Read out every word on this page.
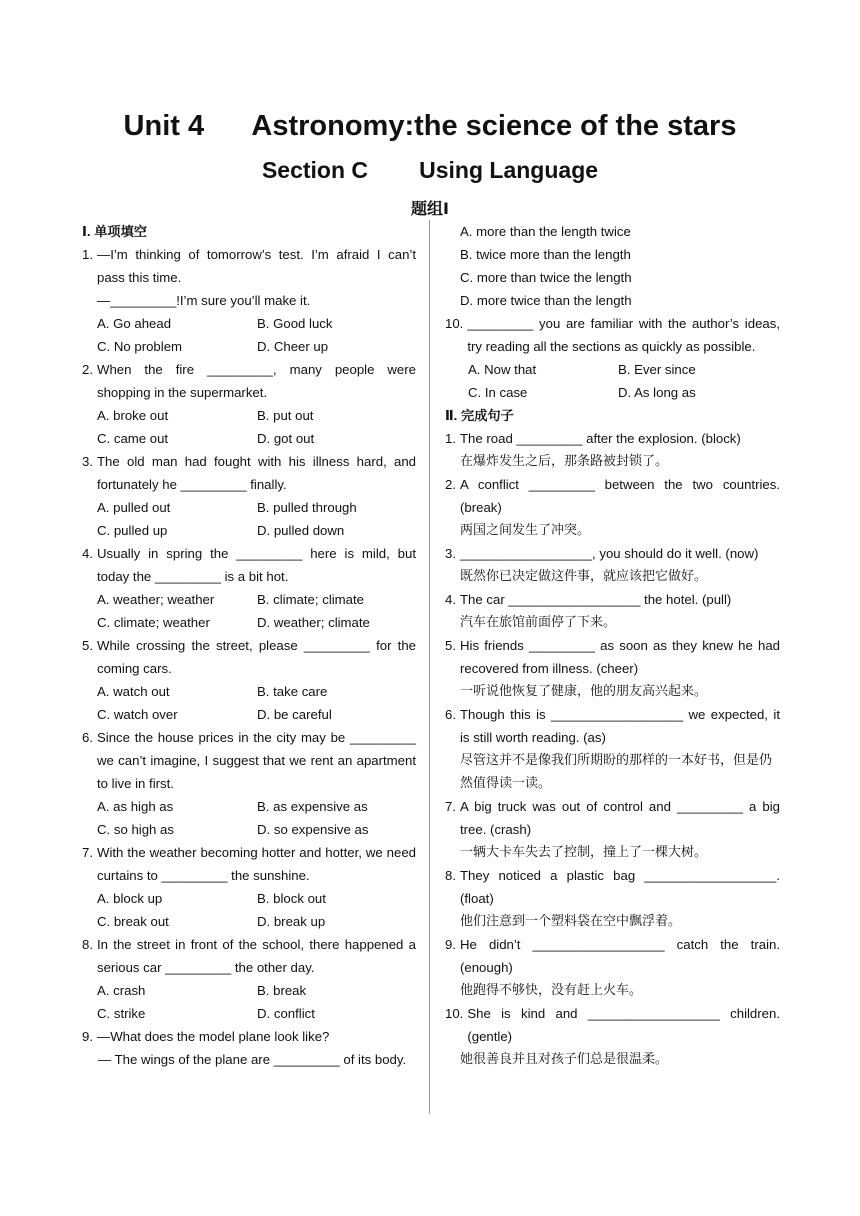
Unit 4      Astronomy:the science of the stars
Section C        Using Language
题组Ⅰ
Ⅰ. 单项填空
1. —I’m thinking of tomorrow’s test. I’m afraid I can’t pass this time.
—_________!I’m sure you’ll make it.
A. Go ahead	B. Good luck
C. No problem	D. Cheer up
2. When the fire _________, many people were shopping in the supermarket.
A. broke out	B. put out
C. came out	D. got out
3. The old man had fought with his illness hard, and fortunately he _________ finally.
A. pulled out	B. pulled through
C. pulled up	D. pulled down
4. Usually in spring the _________ here is mild, but today the _________ is a bit hot.
A. weather; weather	B. climate; climate
C. climate; weather	D. weather; climate
5. While crossing the street, please _________ for the coming cars.
A. watch out	B. take care
C. watch over	D. be careful
6. Since the house prices in the city may be _________ we can’t imagine, I suggest that we rent an apartment to live in first.
A. as high as	B. as expensive as
C. so high as	D. so expensive as
7. With the weather becoming hotter and hotter, we need curtains to _________ the sunshine.
A. block up	B. block out
C. break out	D. break up
8. In the street in front of the school, there happened a serious car _________ the other day.
A. crash	B. break
C. strike	D. conflict
9. —What does the model plane look like?
— The wings of the plane are _________ of its body.
A. more than the length twice
B. twice more than the length
C. more than twice the length
D. more twice than the length
10. _________ you are familiar with the author’s ideas, try reading all the sections as quickly as possible.
A. Now that	B. Ever since
C. In case	D. As long as
Ⅱ. 完成句子
1. The road _________ after the explosion. (block)
在爆炸发生之后，那条路被封锁了。
2. A conflict _________ between the two countries. (break)
两国之间发生了冲突。
3. __________________, you should do it well. (now)
既然你已决定做这件事，就应该把它做好。
4. The car __________________ the hotel. (pull)
汽车在旅馆前面停了下来。
5. His friends _________ as soon as they knew he had recovered from illness. (cheer)
一听说他恢复了健康，他的朋友高兴起来。
6. Though this is __________________ we expected, it is still worth reading. (as)
尽管这并不是像我们所期盼的那样的一本好书，但是仍然值得读一读。
7. A big truck was out of control and _________ a big tree. (crash)
一辆大卡车失去了控制，撞上了一棵大树。
8. They noticed a plastic bag __________________. (float)
他们注意到一个塑料袋在空中飘浮着。
9. He didn’t __________________ catch the train. (enough)
他跑得不够快，没有赶上火车。
10. She is kind and __________________ children. (gentle)
她很善良并且对孩子们总是很温柔。
